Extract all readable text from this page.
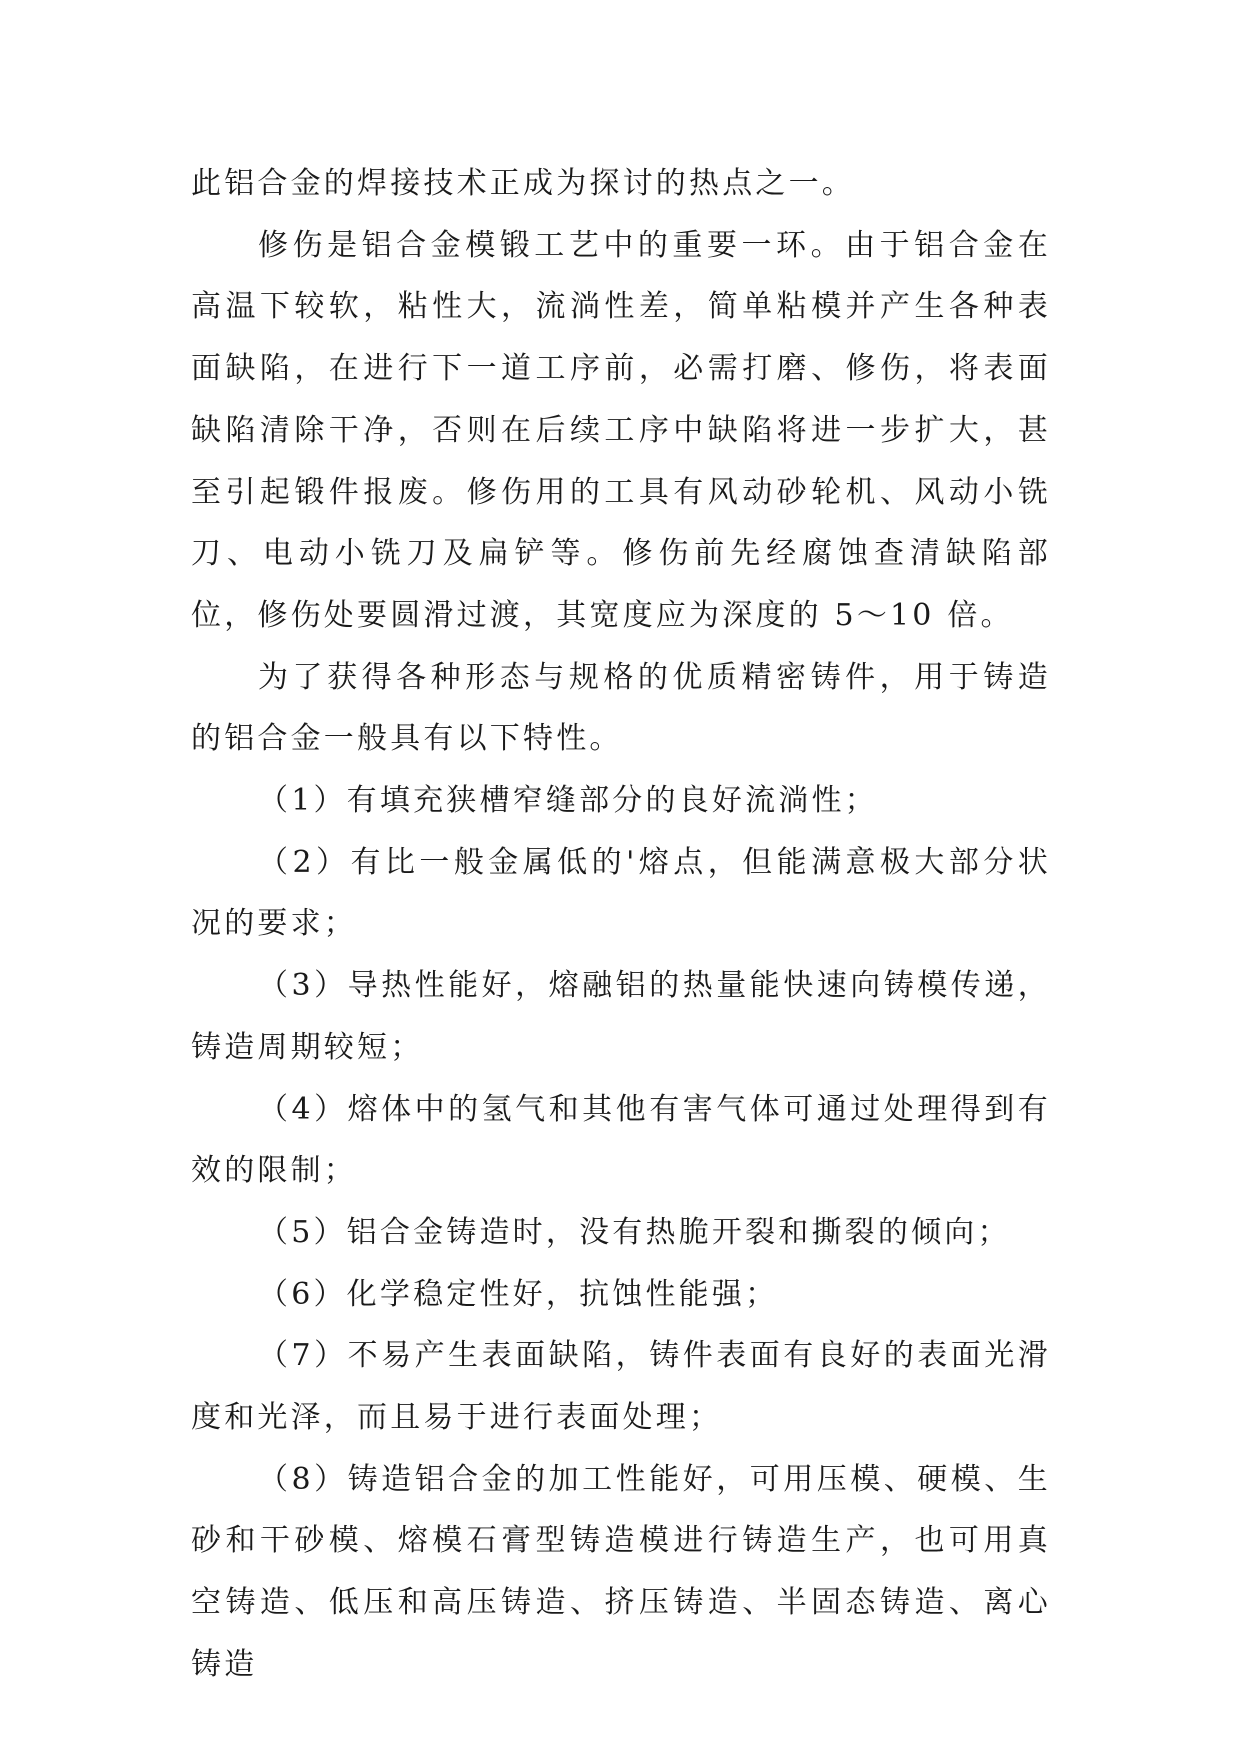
此铝合金的焊接技术正成为探讨的热点之一。

修伤是铝合金模锻工艺中的重要一环。由于铝合金在高温下较软，粘性大，流淌性差，简单粘模并产生各种表面缺陷，在进行下一道工序前，必需打磨、修伤，将表面缺陷清除干净，否则在后续工序中缺陷将进一步扩大，甚至引起锻件报废。修伤用的工具有风动砂轮机、风动小铣刀、电动小铣刀及扁铲等。修伤前先经腐蚀查清缺陷部位，修伤处要圆滑过渡，其宽度应为深度的 5～10 倍。

为了获得各种形态与规格的优质精密铸件，用于铸造的铝合金一般具有以下特性。

（1）有填充狭槽窄缝部分的良好流淌性；

（2）有比一般金属低的'熔点，但能满意极大部分状况的要求；

（3）导热性能好，熔融铝的热量能快速向铸模传递，铸造周期较短；

（4）熔体中的氢气和其他有害气体可通过处理得到有效的限制；

（5）铝合金铸造时，没有热脆开裂和撕裂的倾向；

（6）化学稳定性好，抗蚀性能强；

（7）不易产生表面缺陷，铸件表面有良好的表面光滑度和光泽，而且易于进行表面处理；

（8）铸造铝合金的加工性能好，可用压模、硬模、生砂和干砂模、熔模石膏型铸造模进行铸造生产，也可用真空铸造、低压和高压铸造、挤压铸造、半固态铸造、离心铸造
